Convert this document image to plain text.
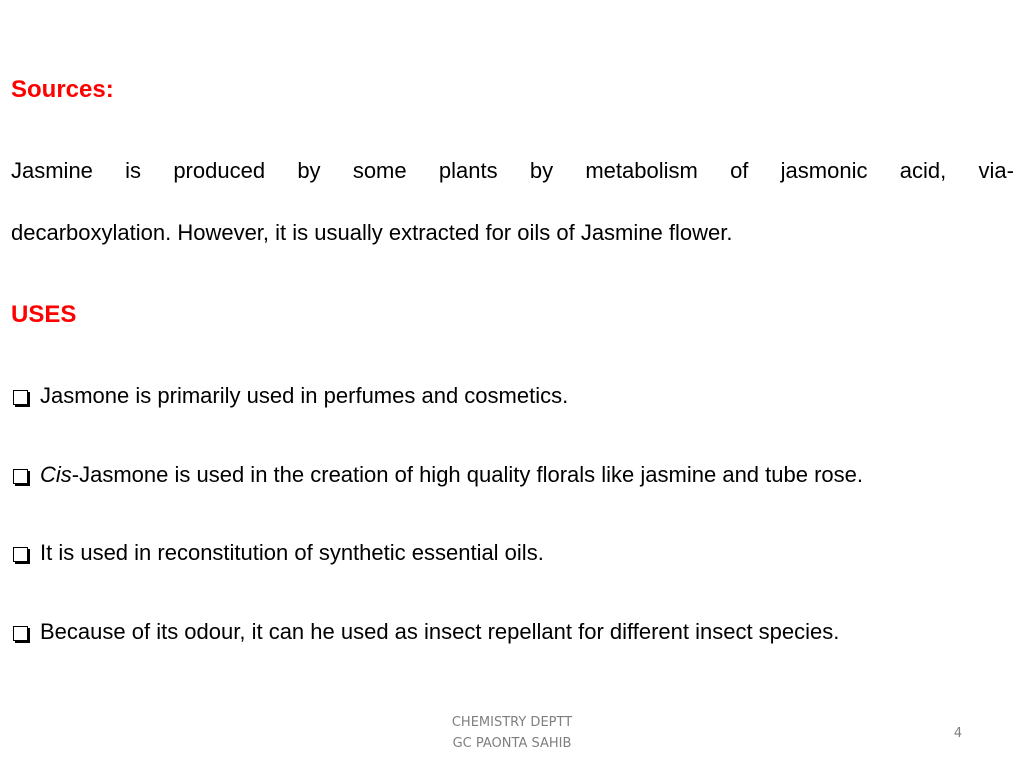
Sources:
Jasmine is produced by some plants by metabolism of jasmonic acid, via-

decarboxylation. However, it is usually extracted for oils of Jasmine flower.

USES
Jasmone is primarily used in perfumes and cosmetics.
Cis-Jasmone is used in the creation of high quality florals like jasmine and tube rose.
It is used in reconstitution of synthetic essential oils.
Because of its odour, it can he used as insect repellant for different insect species.
CHEMISTRY DEPTT
GC PAONTA SAHIB
4
